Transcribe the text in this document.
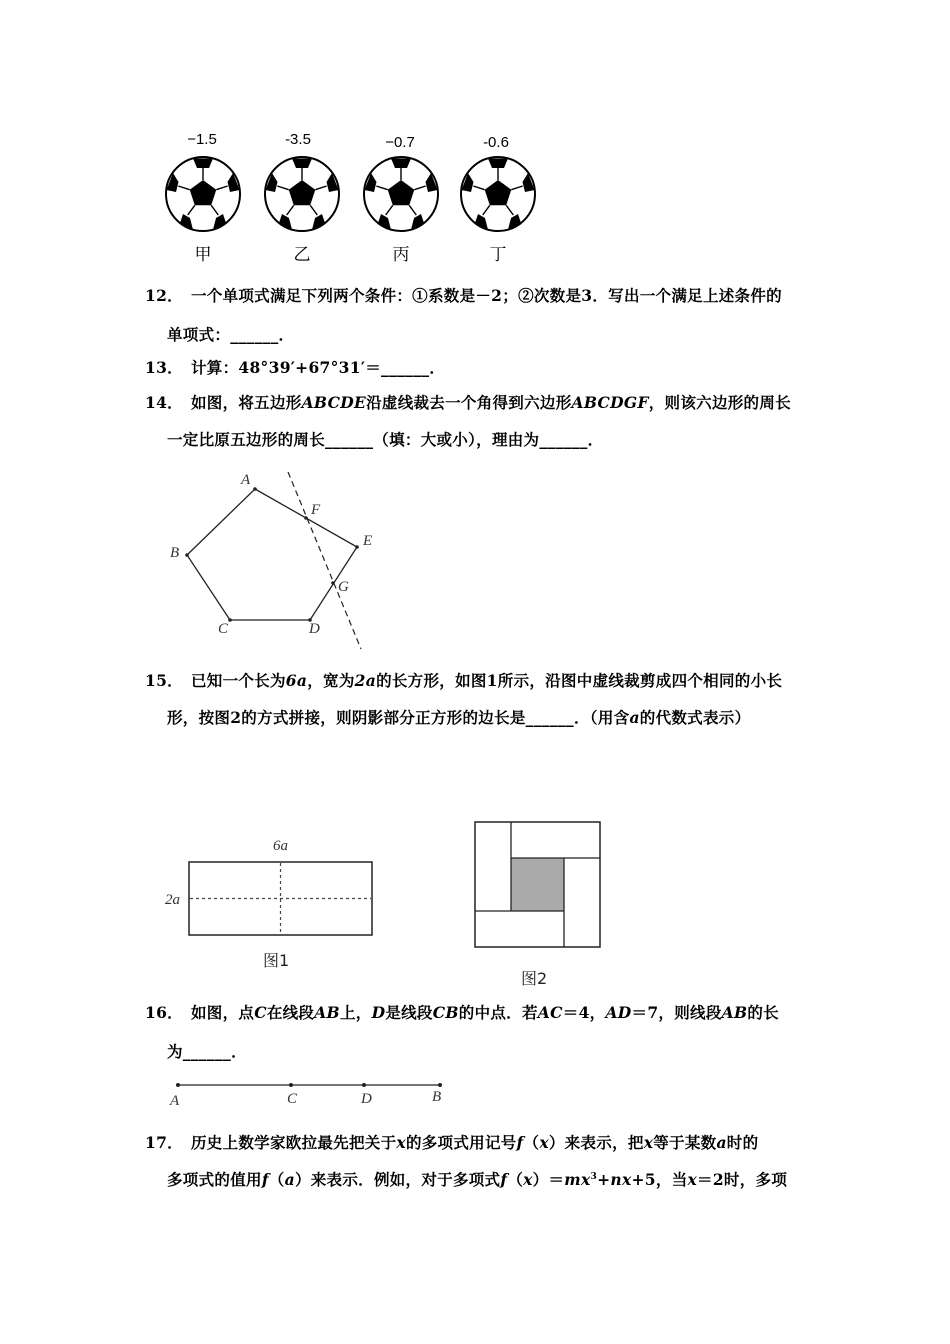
−1.5	-3.5	−0.7	-0.6
甲	乙	丙	丁
12． 一个单项式满足下列两个条件：①系数是－2；②次数是3．写出一个满足上述条件的
单项式：______．
13． 计算：48°39′+67°31′＝______．
14． 如图，将五边形ABCDE沿虚线裁去一个角得到六边形ABCDGF，则该六边形的周长
一定比原五边形的周长______（填：大或小），理由为______．
A
B
C	D
E
F
G
15． 已知一个长为6a，宽为2a的长方形，如图1所示，沿图中虚线裁剪成四个相同的小长
形，按图2的方式拼接，则阴影部分正方形的边长是______．（用含a的代数式表示）
6a
2a
图1
图2
16． 如图，点C在线段AB上，D是线段CB的中点．若AC＝4，AD＝7，则线段AB的长
为______．
A	C	D	B
17． 历史上数学家欧拉最先把关于x的多项式用记号f（x）来表示，把x等于某数a时的
多项式的值用f（a）来表示．例如，对于多项式$f(x)=mx^3+nx+5$，当x＝2时，多项
